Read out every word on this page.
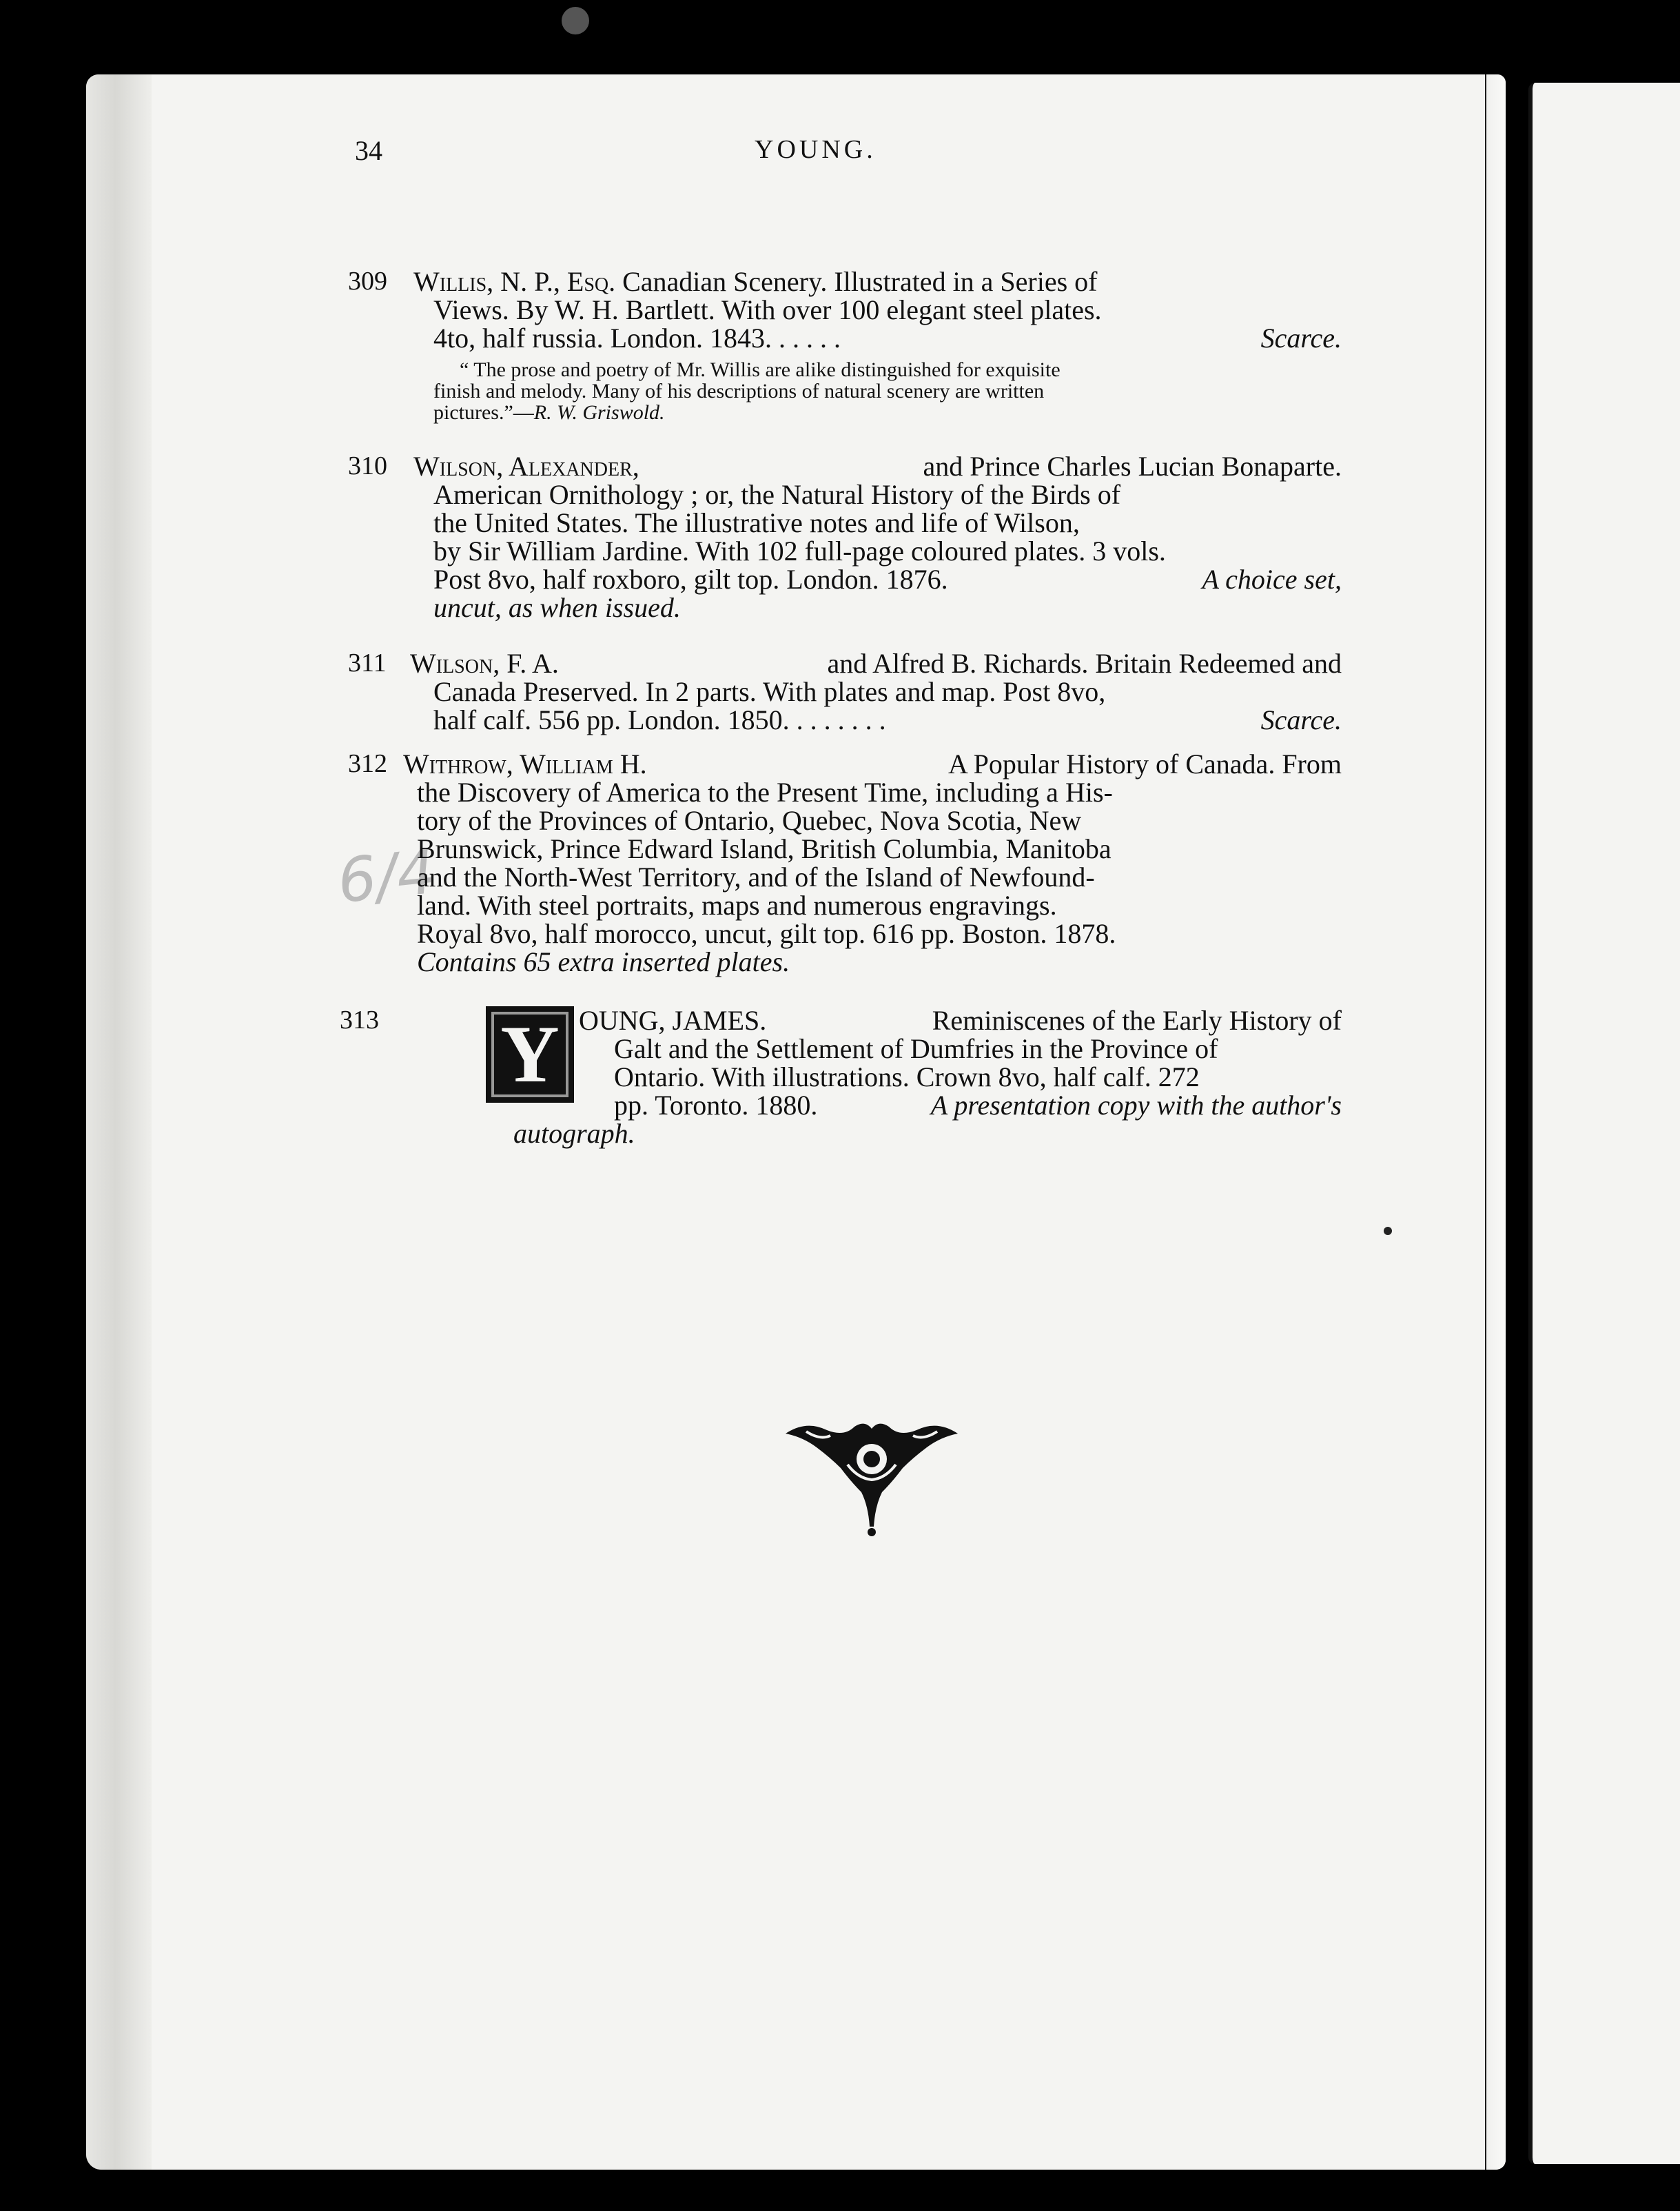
34	YOUNG.
6/4
309 Willis, N. P., Esq. Canadian Scenery. Illustrated in a Series of
Views. By W. H. Bartlett. With over 100 elegant steel plates.
4to, half russia. London. 1843. . . . . .	Scarce.
“ The prose and poetry of Mr. Willis are alike distinguished for exquisite
finish and melody. Many of his descriptions of natural scenery are written
pictures.”—R. W. Griswold.
310 Wilson, Alexander,	and Prince Charles Lucian Bonaparte.
American Ornithology ; or, the Natural History of the Birds of
the United States. The illustrative notes and life of Wilson,
by Sir William Jardine. With 102 full-page coloured plates. 3 vols.
Post 8vo, half roxboro, gilt top. London. 1876.	A choice set,
uncut, as when issued.
311 Wilson, F. A.	and Alfred B. Richards. Britain Redeemed and
Canada Preserved. In 2 parts. With plates and map. Post 8vo,
half calf. 556 pp. London. 1850. . . . . . . .	Scarce.
312 Withrow, William H.	A Popular History of Canada. From
the Discovery of America to the Present Time, including a His-
tory of the Provinces of Ontario, Quebec, Nova Scotia, New
Brunswick, Prince Edward Island, British Columbia, Manitoba
and the North-West Territory, and of the Island of Newfound-
land. With steel portraits, maps and numerous engravings.
Royal 8vo, half morocco, uncut, gilt top. 616 pp. Boston. 1878.
Contains 65 extra inserted plates.
Y
313	OUNG, JAMES.	Reminiscenes of the Early History of
Galt and the Settlement of Dumfries in the Province of
Ontario. With illustrations. Crown 8vo, half calf. 272
pp. Toronto. 1880.	A presentation copy with the author's
autograph.
